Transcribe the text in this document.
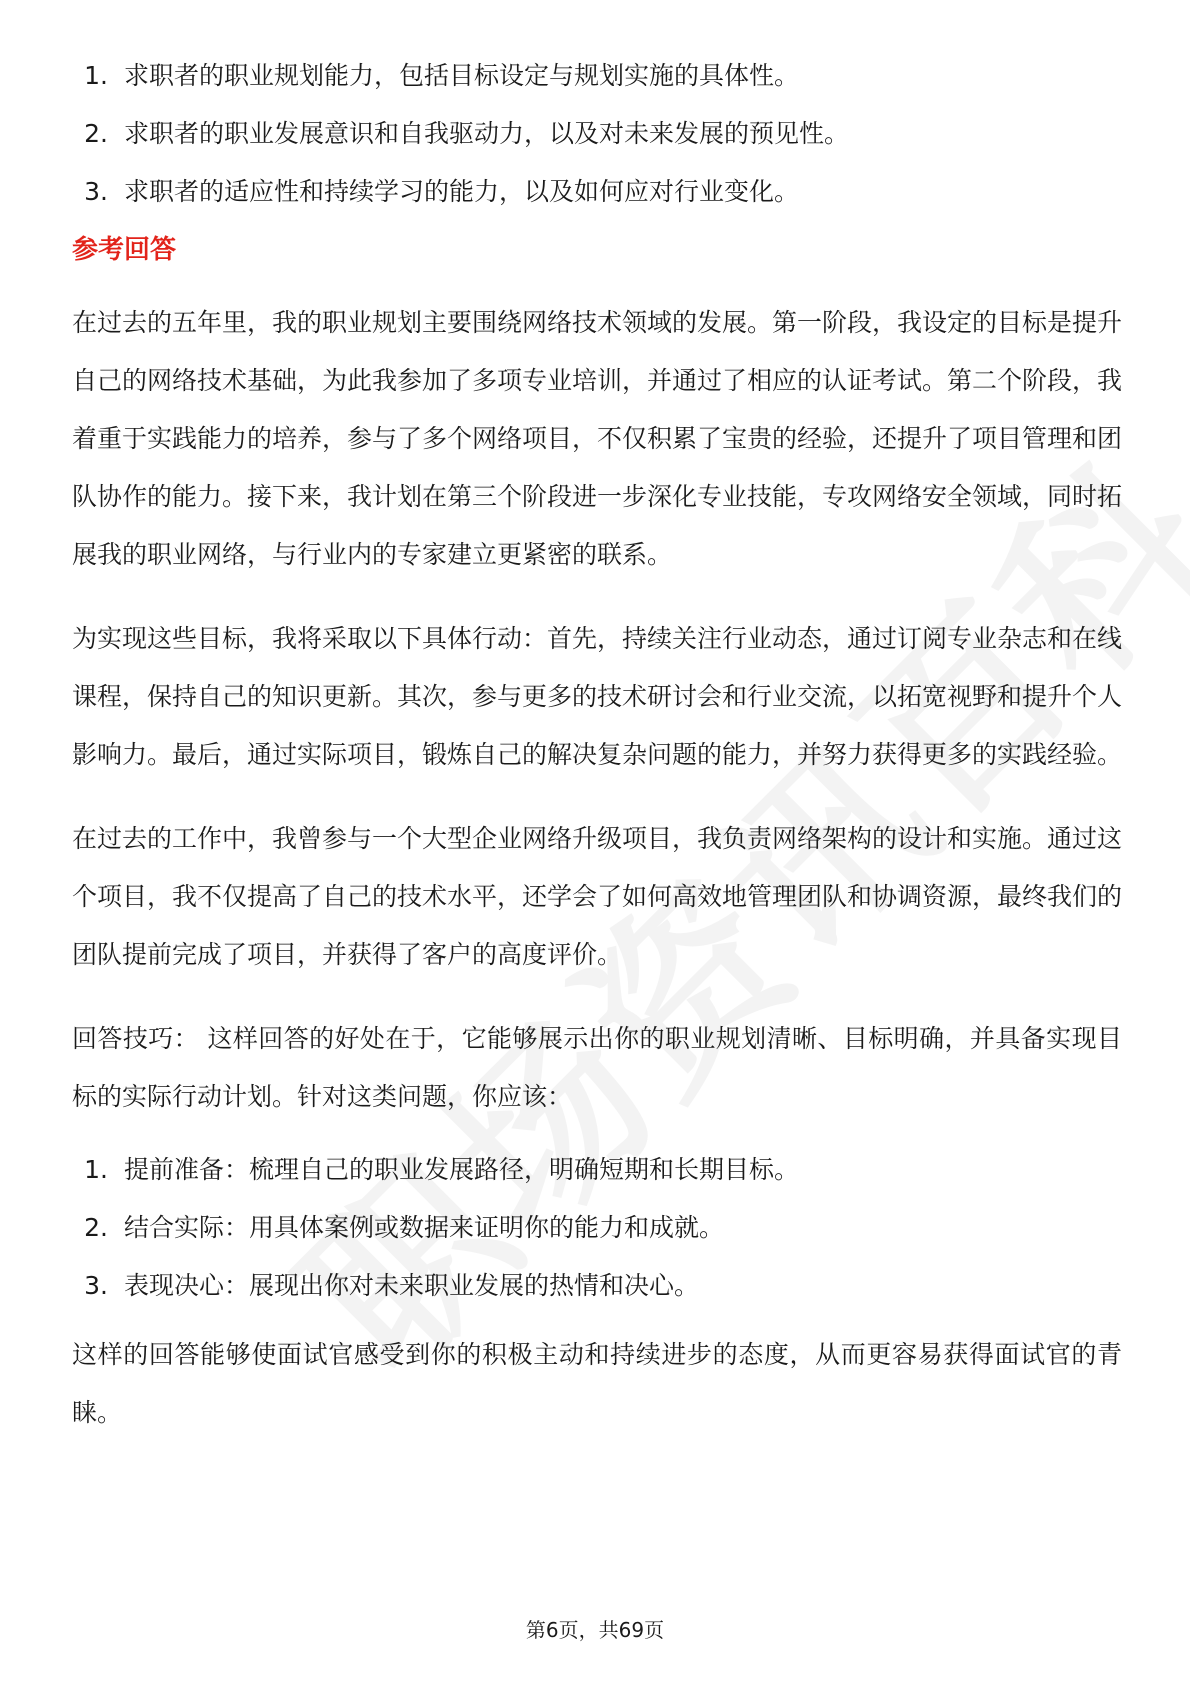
1. 求职者的职业规划能力，包括目标设定与规划实施的具体性。
2. 求职者的职业发展意识和自我驱动力，以及对未来发展的预见性。
3. 求职者的适应性和持续学习的能力，以及如何应对行业变化。
参考回答

在过去的五年里，我的职业规划主要围绕网络技术领域的发展。第一阶段，我设定的目标是提升自己的网络技术基础，为此我参加了多项专业培训，并通过了相应的认证考试。第二个阶段，我着重于实践能力的培养，参与了多个网络项目，不仅积累了宝贵的经验，还提升了项目管理和团队协作的能力。接下来，我计划在第三个阶段进一步深化专业技能，专攻网络安全领域，同时拓展我的职业网络，与行业内的专家建立更紧密的联系。

为实现这些目标，我将采取以下具体行动：首先，持续关注行业动态，通过订阅专业杂志和在线课程，保持自己的知识更新。其次，参与更多的技术研讨会和行业交流，以拓宽视野和提升个人影响力。最后，通过实际项目，锻炼自己的解决复杂问题的能力，并努力获得更多的实践经验。

在过去的工作中，我曾参与一个大型企业网络升级项目，我负责网络架构的设计和实施。通过这个项目，我不仅提高了自己的技术水平，还学会了如何高效地管理团队和协调资源，最终我们的团队提前完成了项目，并获得了客户的高度评价。

回答技巧： 这样回答的好处在于，它能够展示出你的职业规划清晰、目标明确，并具备实现目标的实际行动计划。针对这类问题，你应该：

1. 提前准备：梳理自己的职业发展路径，明确短期和长期目标。
2. 结合实际：用具体案例或数据来证明你的能力和成就。
3. 表现决心：展现出你对未来职业发展的热情和决心。

这样的回答能够使面试官感受到你的积极主动和持续进步的态度，从而更容易获得面试官的青睐。

第6页，共69页
